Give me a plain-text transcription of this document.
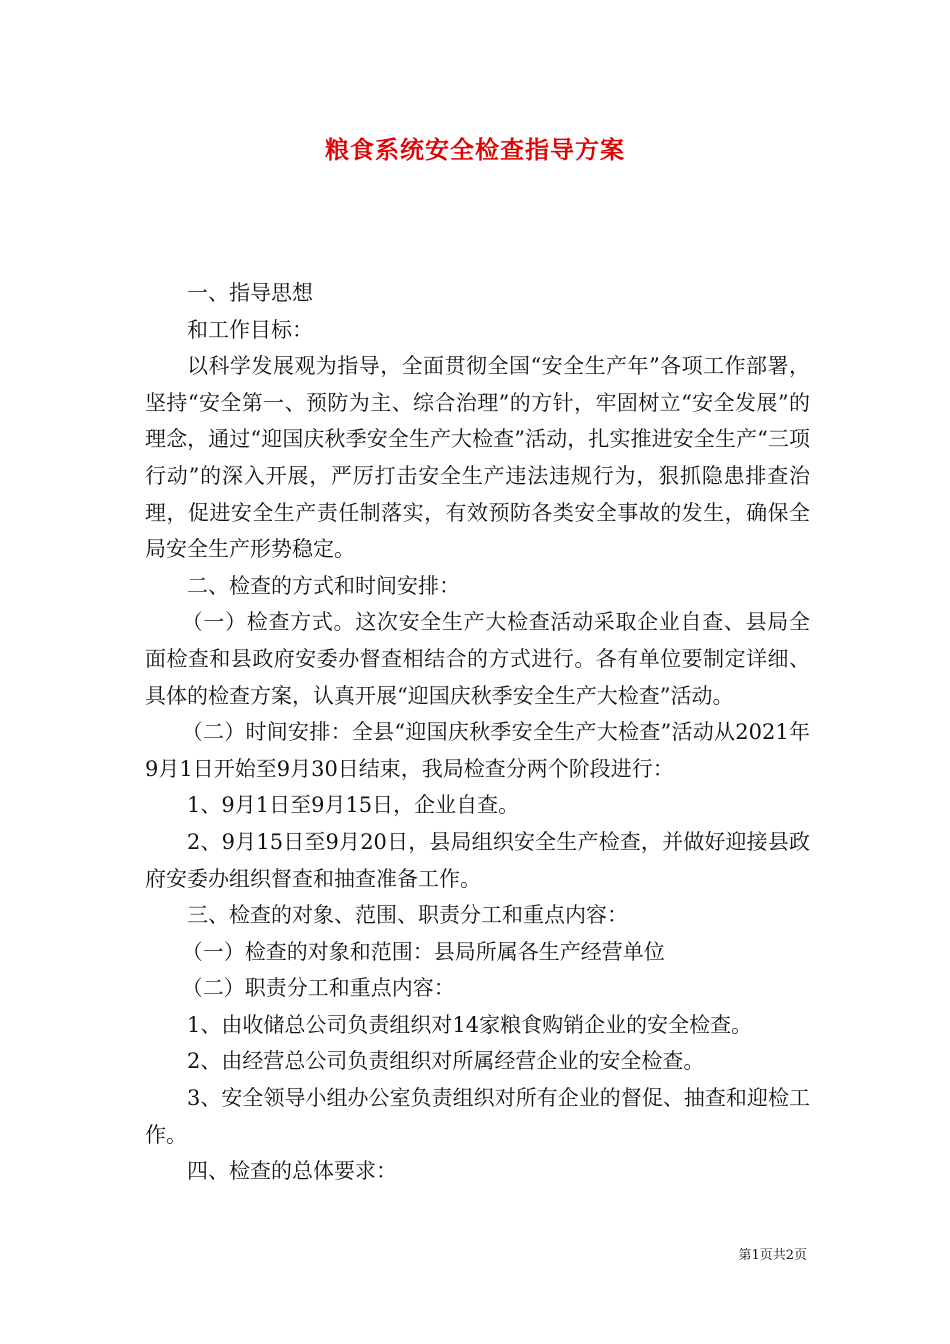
粮食系统安全检查指导方案

一、指导思想

和工作目标：

以科学发展观为指导，全面贯彻全国“安全生产年”各项工作部署，坚持“安全第一、预防为主、综合治理”的方针，牢固树立“安全发展”的理念，通过“迎国庆秋季安全生产大检查”活动，扎实推进安全生产“三项行动”的深入开展，严厉打击安全生产违法违规行为，狠抓隐患排查治理，促进安全生产责任制落实，有效预防各类安全事故的发生，确保全局安全生产形势稳定。

二、检查的方式和时间安排：

（一）检查方式。这次安全生产大检查活动采取企业自查、县局全面检查和县政府安委办督查相结合的方式进行。各有单位要制定详细、具体的检查方案，认真开展“迎国庆秋季安全生产大检查”活动。

（二）时间安排：全县“迎国庆秋季安全生产大检查”活动从2021年9月1日开始至9月30日结束，我局检查分两个阶段进行：

1、9月1日至9月15日，企业自查。

2、9月15日至9月20日，县局组织安全生产检查，并做好迎接县政府安委办组织督查和抽查准备工作。

三、检查的对象、范围、职责分工和重点内容：

（一）检查的对象和范围：县局所属各生产经营单位

（二）职责分工和重点内容：

1、由收储总公司负责组织对14家粮食购销企业的安全检查。

2、由经营总公司负责组织对所属经营企业的安全检查。

3、安全领导小组办公室负责组织对所有企业的督促、抽查和迎检工作。

四、检查的总体要求：

第1页共2页
